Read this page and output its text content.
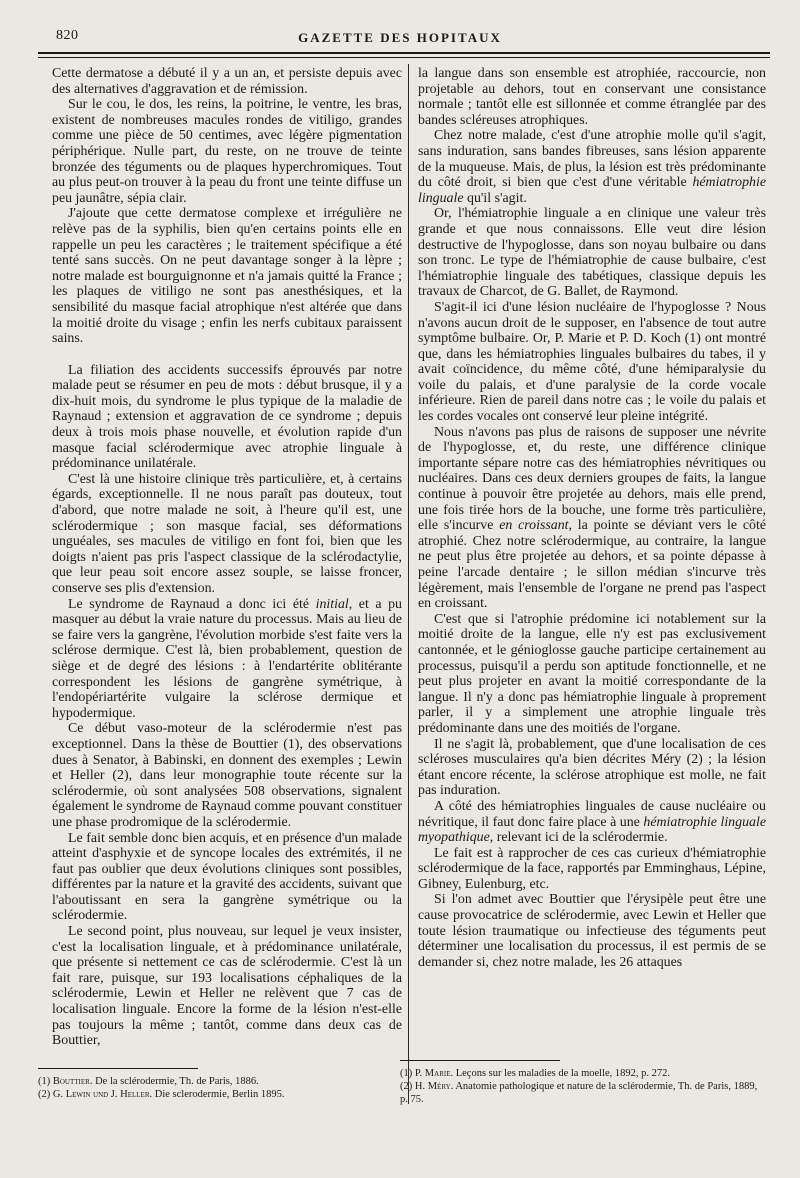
820	GAZETTE DES HOPITAUX

Cette dermatose a débuté il y a un an, et persiste depuis avec des alternatives d'aggravation et de rémission.

Sur le cou, le dos, les reins, la poitrine, le ventre, les bras, existent de nombreuses macules rondes de vitiligo, grandes comme une pièce de 50 centimes, avec légère pigmentation périphérique. Nulle part, du reste, on ne trouve de teinte bronzée des téguments ou de plaques hyperchromiques. Tout au plus peut-on trouver à la peau du front une teinte diffuse un peu jaunâtre, sépia clair.

J'ajoute que cette dermatose complexe et irrégulière ne relève pas de la syphilis, bien qu'en certains points elle en rappelle un peu les caractères ; le traitement spécifique a été tenté sans succès. On ne peut davantage songer à la lèpre ; notre malade est bourguignonne et n'a jamais quitté la France ; les plaques de vitiligo ne sont pas anesthésiques, et la sensibilité du masque facial atrophique n'est altérée que dans la moitié droite du visage ; enfin les nerfs cubitaux paraissent sains.

La filiation des accidents successifs éprouvés par notre malade peut se résumer en peu de mots : début brusque, il y a dix-huit mois, du syndrome le plus typique de la maladie de Raynaud ; extension et aggravation de ce syndrome ; depuis deux à trois mois phase nouvelle, et évolution rapide d'un masque facial sclérodermique avec atrophie linguale à prédominance unilatérale.

C'est là une histoire clinique très particulière, et, à certains égards, exceptionnelle. Il ne nous paraît pas douteux, tout d'abord, que notre malade ne soit, à l'heure qu'il est, une sclérodermique ; son masque facial, ses déformations unguéales, ses macules de vitiligo en font foi, bien que les doigts n'aient pas pris l'aspect classique de la sclérodactylie, que leur peau soit encore assez souple, se laisse froncer, conserve ses plis d'extension.

Le syndrome de Raynaud a donc ici été initial, et a pu masquer au début la vraie nature du processus. Mais au lieu de se faire vers la gangrène, l'évolution morbide s'est faite vers la sclérose dermique. C'est là, bien probablement, question de siège et de degré des lésions : à l'endartérite oblitérante correspondent les lésions de gangrène symétrique, à l'endopériartérite vulgaire la sclérose dermique et hypodermique.

Ce début vaso-moteur de la sclérodermie n'est pas exceptionnel. Dans la thèse de Bouttier (1), des observations dues à Senator, à Babinski, en donnent des exemples ; Lewin et Heller (2), dans leur monographie toute récente sur la sclérodermie, où sont analysées 508 observations, signalent également le syndrome de Raynaud comme pouvant constituer une phase prodromique de la sclérodermie.

Le fait semble donc bien acquis, et en présence d'un malade atteint d'asphyxie et de syncope locales des extrémités, il ne faut pas oublier que deux évolutions cliniques sont possibles, différentes par la nature et la gravité des accidents, suivant que l'aboutissant en sera la gangrène symétrique ou la sclérodermie.

Le second point, plus nouveau, sur lequel je veux insister, c'est la localisation linguale, et à prédominance unilatérale, que présente si nettement ce cas de sclérodermie. C'est là un fait rare, puisque, sur 193 localisations céphaliques de la sclérodermie, Lewin et Heller ne relèvent que 7 cas de localisation linguale. Encore la forme de la lésion n'est-elle pas toujours la même ; tantôt, comme dans deux cas de Bouttier,

la langue dans son ensemble est atrophiée, raccourcie, non projetable au dehors, tout en conservant une consistance normale ; tantôt elle est sillonnée et comme étranglée par des bandes scléreuses atrophiques.

Chez notre malade, c'est d'une atrophie molle qu'il s'agit, sans induration, sans bandes fibreuses, sans lésion apparente de la muqueuse. Mais, de plus, la lésion est très prédominante du côté droit, si bien que c'est d'une véritable hémiatrophie linguale qu'il s'agit.

Or, l'hémiatrophie linguale a en clinique une valeur très grande et que nous connaissons. Elle veut dire lésion destructive de l'hypoglosse, dans son noyau bulbaire ou dans son tronc. Le type de l'hémiatrophie de cause bulbaire, c'est l'hémiatrophie linguale des tabétiques, classique depuis les travaux de Charcot, de G. Ballet, de Raymond.

S'agit-il ici d'une lésion nucléaire de l'hypoglosse ? Nous n'avons aucun droit de le supposer, en l'absence de tout autre symptôme bulbaire. Or, P. Marie et P. D. Koch (1) ont montré que, dans les hémiatrophies linguales bulbaires du tabes, il y avait coïncidence, du même côté, d'une hémiparalysie du voile du palais, et d'une paralysie de la corde vocale inférieure. Rien de pareil dans notre cas ; le voile du palais et les cordes vocales ont conservé leur pleine intégrité.

Nous n'avons pas plus de raisons de supposer une névrite de l'hypoglosse, et, du reste, une différence clinique importante sépare notre cas des hémiatrophies névritiques ou nucléaires. Dans ces deux derniers groupes de faits, la langue continue à pouvoir être projetée au dehors, mais elle prend, une fois tirée hors de la bouche, une forme très particulière, elle s'incurve en croissant, la pointe se déviant vers le côté atrophié. Chez notre sclérodermique, au contraire, la langue ne peut plus être projetée au dehors, et sa pointe dépasse à peine l'arcade dentaire ; le sillon médian s'incurve très légèrement, mais l'ensemble de l'organe ne prend pas l'aspect en croissant.

C'est que si l'atrophie prédomine ici notablement sur la moitié droite de la langue, elle n'y est pas exclusivement cantonnée, et le génioglosse gauche participe certainement au processus, puisqu'il a perdu son aptitude fonctionnelle, et ne peut plus projeter en avant la moitié correspondante de la langue. Il n'y a donc pas hémiatrophie linguale à proprement parler, il y a simplement une atrophie linguale très prédominante dans une des moitiés de l'organe.

Il ne s'agit là, probablement, que d'une localisation de ces scléroses musculaires qu'a bien décrites Méry (2) ; la lésion étant encore récente, la sclérose atrophique est molle, ne fait pas induration.

A côté des hémiatrophies linguales de cause nucléaire ou névritique, il faut donc faire place à une hémiatrophie linguale myopathique, relevant ici de la sclérodermie.

Le fait est à rapprocher de ces cas curieux d'hémiatrophie sclérodermique de la face, rapportés par Emminghaus, Lépine, Gibney, Eulenburg, etc.

Si l'on admet avec Bouttier que l'érysipèle peut être une cause provocatrice de sclérodermie, avec Lewin et Heller que toute lésion traumatique ou infectieuse des téguments peut déterminer une localisation du processus, il est permis de se demander si, chez notre malade, les 26 attaques

(1) Bouttier. De la sclérodermie, Th. de Paris, 1886.

(2) G. Lewin und J. Heller. Die sclerodermie, Berlin 1895.

(1) P. Marie. Leçons sur les maladies de la moelle, 1892, p. 272.

(2) H. Méry. Anatomie pathologique et nature de la sclérodermie, Th. de Paris, 1889, p. 75.
